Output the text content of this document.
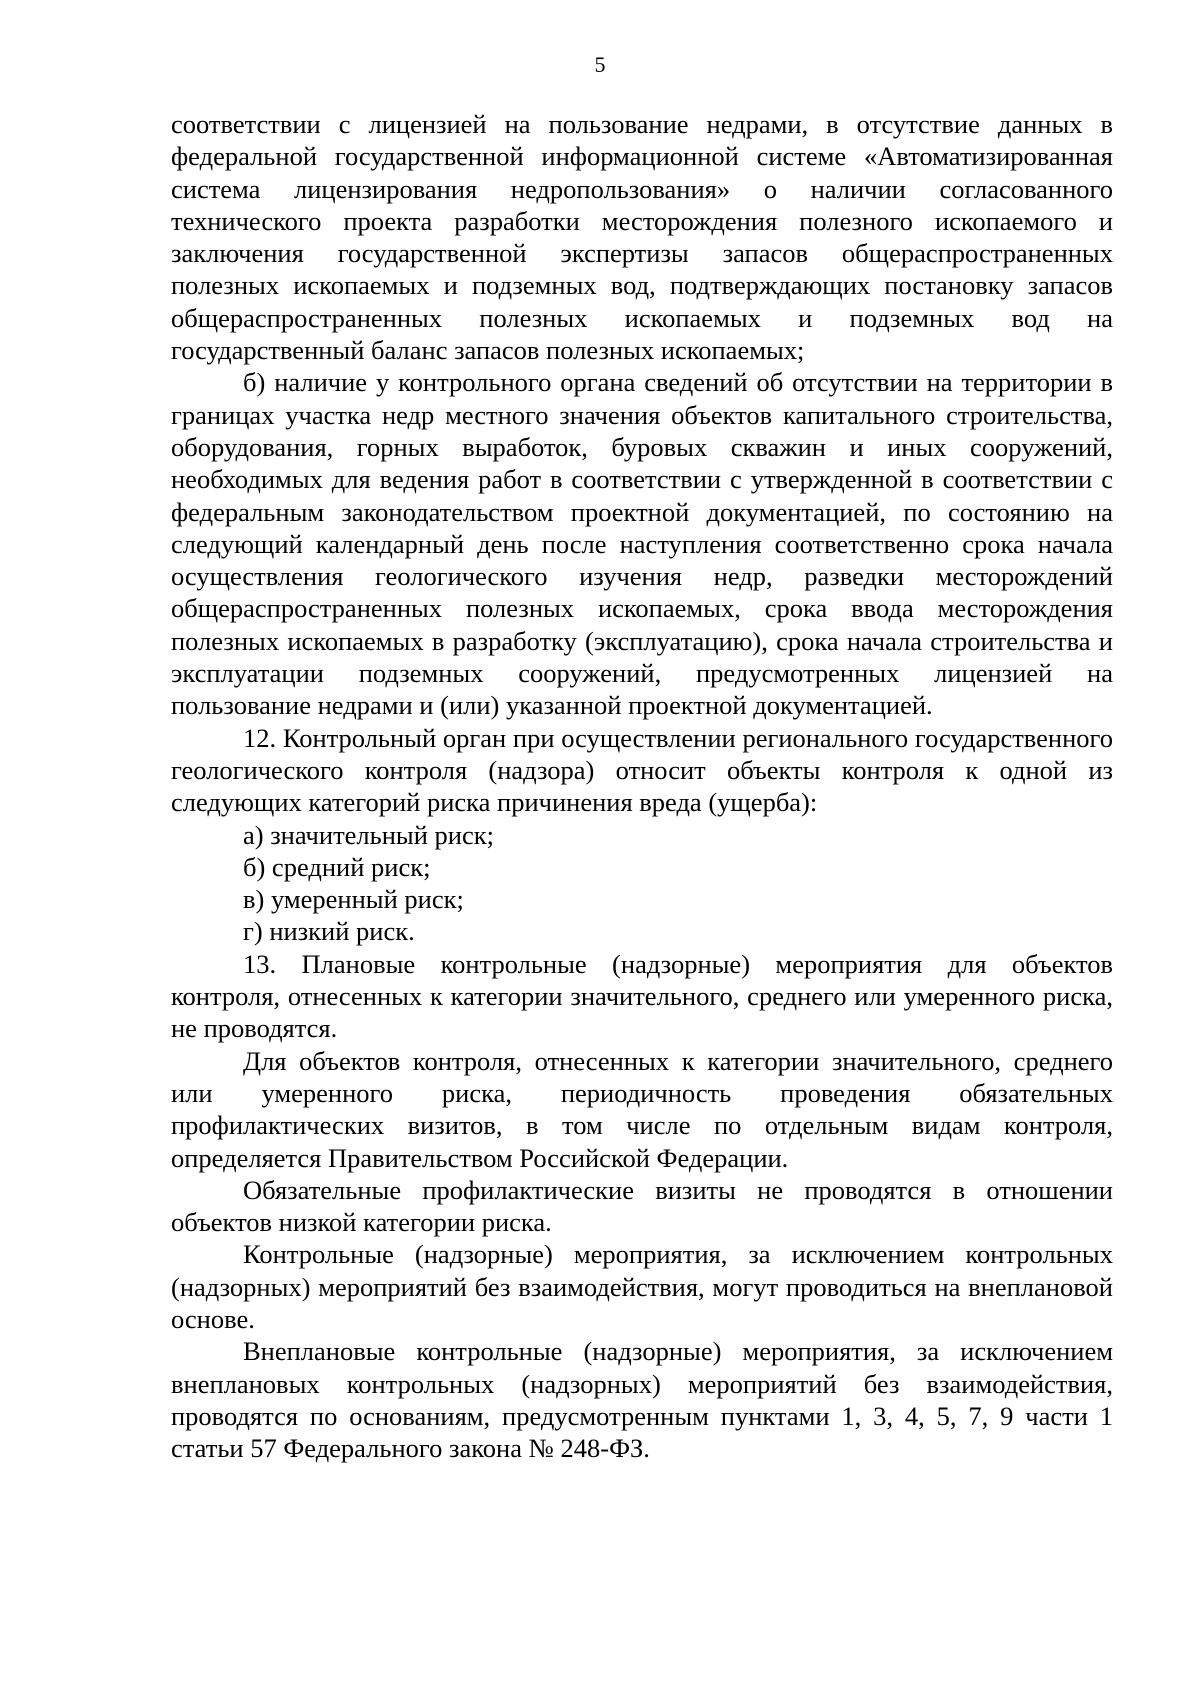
5

соответствии с лицензией на пользование недрами, в отсутствие данных в федеральной государственной информационной системе «Автоматизированная система лицензирования недропользования» о наличии согласованного технического проекта разработки месторождения полезного ископаемого и заключения государственной экспертизы запасов общераспространенных полезных ископаемых и подземных вод, подтверждающих постановку запасов общераспространенных полезных ископаемых и подземных вод на государственный баланс запасов полезных ископаемых;

б) наличие у контрольного органа сведений об отсутствии на территории в границах участка недр местного значения объектов капитального строительства, оборудования, горных выработок, буровых скважин и иных сооружений, необходимых для ведения работ в соответствии с утвержденной в соответствии с федеральным законодательством проектной документацией, по состоянию на следующий календарный день после наступления соответственно срока начала осуществления геологического изучения недр, разведки месторождений общераспространенных полезных ископаемых, срока ввода месторождения полезных ископаемых в разработку (эксплуатацию), срока начала строительства и эксплуатации подземных сооружений, предусмотренных лицензией на пользование недрами и (или) указанной проектной документацией.

12. Контрольный орган при осуществлении регионального государственного геологического контроля (надзора) относит объекты контроля к одной из следующих категорий риска причинения вреда (ущерба):

а) значительный риск;

б) средний риск;

в) умеренный риск;

г) низкий риск.

13. Плановые контрольные (надзорные) мероприятия для объектов контроля, отнесенных к категории значительного, среднего или умеренного риска, не проводятся.

Для объектов контроля, отнесенных к категории значительного, среднего или умеренного риска, периодичность проведения обязательных профилактических визитов, в том числе по отдельным видам контроля, определяется Правительством Российской Федерации.

Обязательные профилактические визиты не проводятся в отношении объектов низкой категории риска.

Контрольные (надзорные) мероприятия, за исключением контрольных (надзорных) мероприятий без взаимодействия, могут проводиться на внеплановой основе.

Внеплановые контрольные (надзорные) мероприятия, за исключением внеплановых контрольных (надзорных) мероприятий без взаимодействия, проводятся по основаниям, предусмотренным пунктами 1, 3, 4, 5, 7, 9 части 1 статьи 57 Федерального закона № 248-ФЗ.
